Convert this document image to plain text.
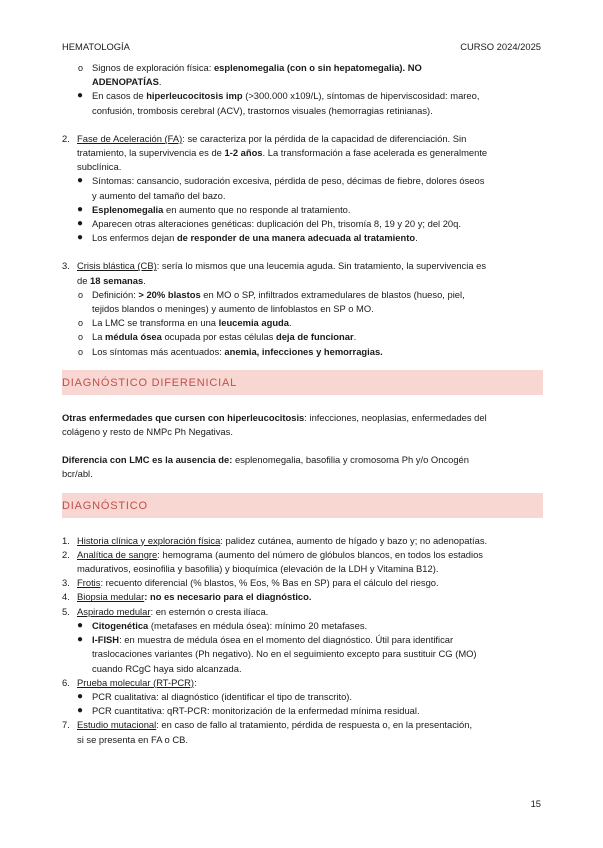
HEMATOLOGÍA	CURSO 2024/2025
o Signos de exploración física: esplenomegalia (con o sin hepatomegalia). NO
ADENOPATÍAS.
● En casos de hiperleucocitosis imp (>300.000 x109/L), síntomas de hiperviscosidad: mareo,
confusión, trombosis cerebral (ACV), trastornos visuales (hemorragias retinianas).
2. Fase de Aceleración (FA): se caracteriza por la pérdida de la capacidad de diferenciación. Sin
tratamiento, la supervivencia es de 1-2 años. La transformación a fase acelerada es generalmente
subclínica.
● Síntomas: cansancio, sudoración excesiva, pérdida de peso, décimas de fiebre, dolores óseos
y aumento del tamaño del bazo.
● Esplenomegalia en aumento que no responde al tratamiento.
● Aparecen otras alteraciones genéticas: duplicación del Ph, trisomía 8, 19 y 20 y; del 20q.
● Los enfermos dejan de responder de una manera adecuada al tratamiento.
3. Crisis blástica (CB): sería lo mismos que una leucemia aguda. Sin tratamiento, la supervivencia es
de 18 semanas.
o Definición: > 20% blastos en MO o SP, infiltrados extramedulares de blastos (hueso, piel,
tejidos blandos o meninges) y aumento de linfoblastos en SP o MO.
o La LMC se transforma en una leucemia aguda.
o La médula ósea ocupada por estas células deja de funcionar.
o Los síntomas más acentuados: anemia, infecciones y hemorragias.
DIAGNÓSTICO DIFERENICIAL
Otras enfermedades que cursen con hiperleucocitosis: infecciones, neoplasias, enfermedades del
colágeno y resto de NMPc Ph Negativas.
Diferencia con LMC es la ausencia de: esplenomegalia, basofilia y cromosoma Ph y/o Oncogén
bcr/abl.
DIAGNÓSTICO
1. Historia clínica y exploración física: palidez cutánea, aumento de hígado y bazo y; no adenopatías.
2. Analítica de sangre: hemograma (aumento del número de glóbulos blancos, en todos los estadios
madurativos, eosinofilia y basofilia) y bioquímica (elevación de la LDH y Vitamina B12).
3. Frotis: recuento diferencial (% blastos, % Eos, % Bas en SP) para el cálculo del riesgo.
4. Biopsia medular: no es necesario para el diagnóstico.
5. Aspirado medular: en esternón o cresta ilíaca.
● Citogenética (metafases en médula ósea): mínimo 20 metafases.
● I-FISH: en muestra de médula ósea en el momento del diagnóstico. Útil para identificar
traslocaciones variantes (Ph negativo). No en el seguimiento excepto para sustituir CG (MO)
cuando RCgC haya sido alcanzada.
6. Prueba molecular (RT-PCR):
● PCR cualitativa: al diagnóstico (identificar el tipo de transcrito).
● PCR cuantitativa: qRT-PCR: monitorización de la enfermedad mínima residual.
7. Estudio mutacional: en caso de fallo al tratamiento, pérdida de respuesta o, en la presentación,
si se presenta en FA o CB.
15
